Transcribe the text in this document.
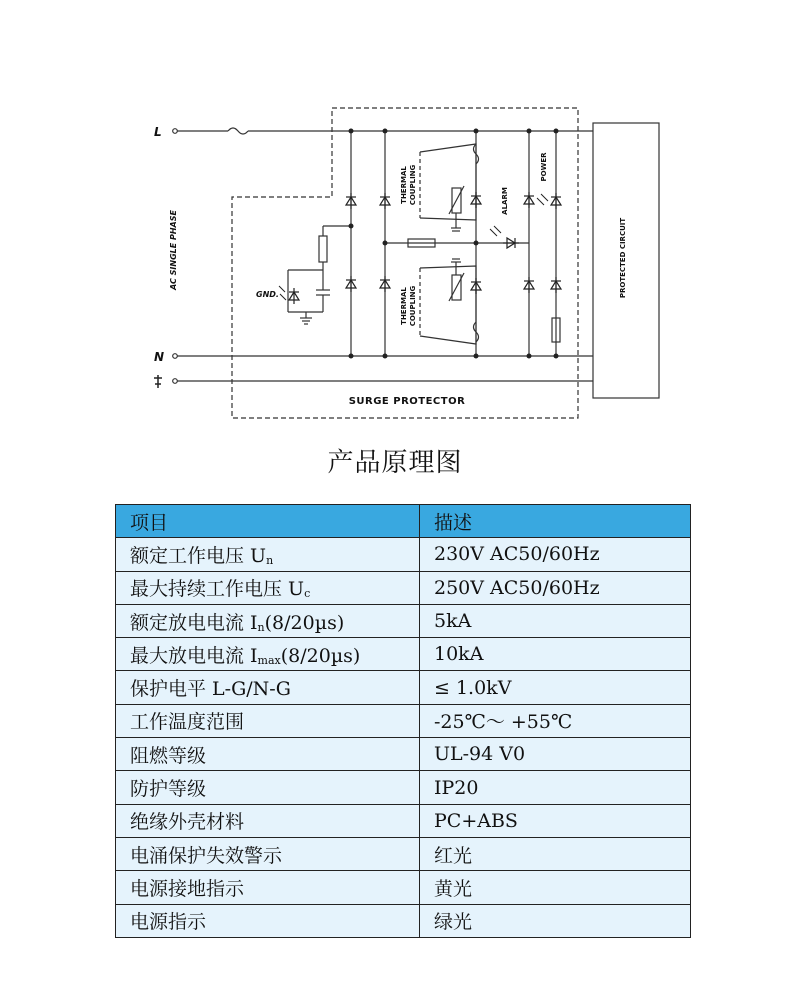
L
N
AC SINGLE PHASE
GND.
THERMAL COUPLING
THERMAL COUPLING
ALARM
POWER
PROTECTED CIRCUIT
SURGE PROTECTOR
产品原理图
项目	描述
额定工作电压 $U_n$	230V AC50/60Hz
最大持续工作电压 $U_c$	250V AC50/60Hz
额定放电电流 $I_n(8/20\mu s)$	5kA
最大放电电流 $I_{max}(8/20\mu s)$	10kA
保护电平 L-G/N-G	≤ 1.0kV
工作温度范围	-25℃～ +55℃
阻燃等级	UL-94 V0
防护等级	IP20
绝缘外壳材料	PC+ABS
电涌保护失效警示	红光
电源接地指示	黄光
电源指示	绿光
